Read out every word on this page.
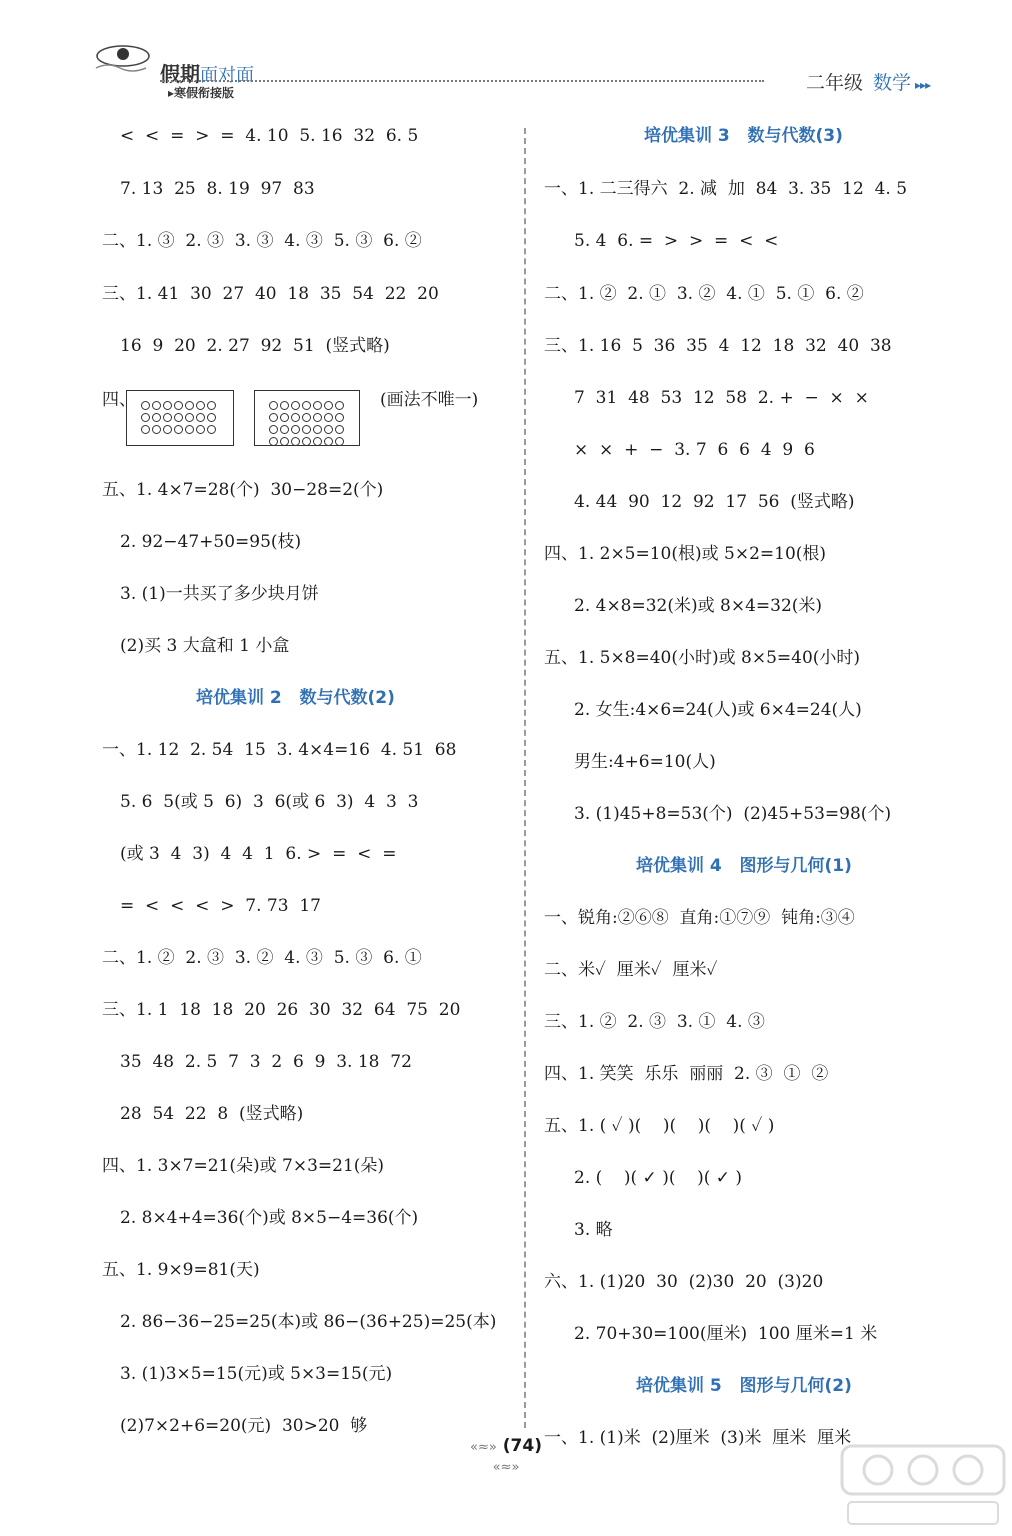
假期面对面
▸寒假衔接版	二年级 数学 ▸▸▸
<  <  =  >  =  4. 10  5. 16  32  6. 5
7. 13  25  8. 19  97  83
二、1. ③  2. ③  3. ③  4. ③  5. ③  6. ②
三、1. 41  30  27  40  18  35  54  22  20
16  9  20  2. 27  92  51  (竖式略)
四、	(画法不唯一)
五、1. 4×7=28(个)  30−28=2(个)
2. 92−47+50=95(枝)
3. (1)一共买了多少块月饼
(2)买 3 大盒和 1 小盒
培优集训 2   数与代数(2)
一、1. 12  2. 54  15  3. 4×4=16  4. 51  68
5. 6  5(或 5  6)  3  6(或 6  3)  4  3  3
(或 3  4  3)  4  4  1  6. >  =  <  =
=  <  <  <  >  7. 73  17
二、1. ②  2. ③  3. ②  4. ③  5. ③  6. ①
三、1. 1  18  18  20  26  30  32  64  75  20
35  48  2. 5  7  3  2  6  9  3. 18  72
28  54  22  8  (竖式略)
四、1. 3×7=21(朵)或 7×3=21(朵)
2. 8×4+4=36(个)或 8×5−4=36(个)
五、1. 9×9=81(天)
2. 86−36−25=25(本)或 86−(36+25)=25(本)
3. (1)3×5=15(元)或 5×3=15(元)
(2)7×2+6=20(元)  30>20  够
培优集训 3   数与代数(3)
一、1. 二三得六  2. 减  加  84  3. 35  12  4. 5
5. 4  6. =  >  >  =  <  <
二、1. ②  2. ①  3. ②  4. ①  5. ①  6. ②
三、1. 16  5  36  35  4  12  18  32  40  38
7  31  48  53  12  58  2. +  −  ×  ×
×  ×  +  −  3. 7  6  6  4  9  6
4. 44  90  12  92  17  56  (竖式略)
四、1. 2×5=10(根)或 5×2=10(根)
2. 4×8=32(米)或 8×4=32(米)
五、1. 5×8=40(小时)或 8×5=40(小时)
2. 女生:4×6=24(人)或 6×4=24(人)
男生:4+6=10(人)
3. (1)45+8=53(个)  (2)45+53=98(个)
培优集训 4   图形与几何(1)
一、锐角:②⑥⑧  直角:①⑦⑨  钝角:③④
二、米✓  厘米✓  厘米✓
三、1. ②  2. ③  3. ①  4. ③
四、1. 笑笑  乐乐  丽丽  2. ③  ①  ②
五、1. ( ✓ )(    )(    )(    )( ✓ )
2. (    )( ✓ )(    )( ✓ )
3. 略
六、1. (1)20  30  (2)30  20  (3)20
2. 70+30=100(厘米)  100 厘米=1 米
培优集训 5   图形与几何(2)
一、1. (1)米  (2)厘米  (3)米  厘米  厘米
«≈» (74) «≈»
